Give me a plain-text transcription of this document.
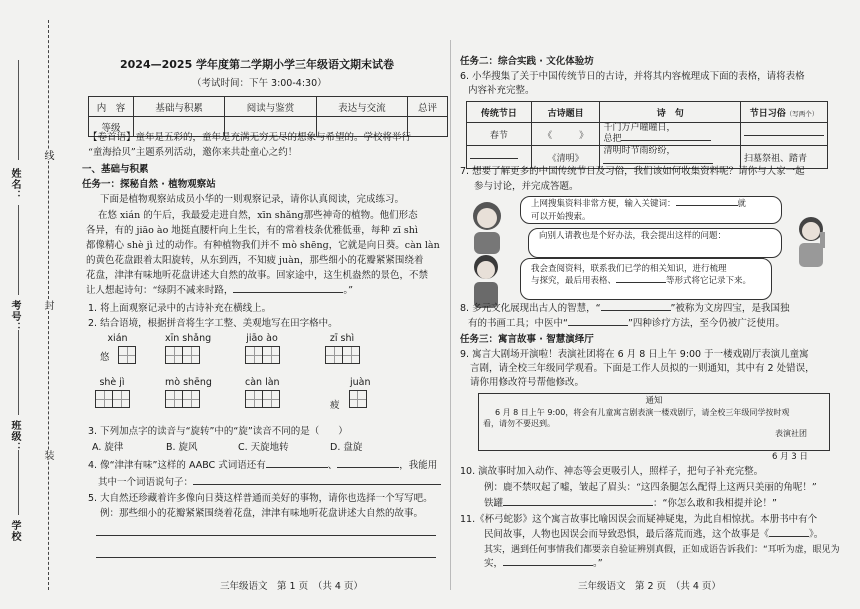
姓名：
考号：
班级：
学校
线
封
装
2024—2025 学年度第二学期小学三年级语文期末试卷
（考试时间：下午 3:00-4:30）
内　容	基础与积累	阅读与鉴赏	表达与交流	总评
等级				
【卷首语】童年是五彩的，童年是充满无穷无尽的想象与希望的。学校将举行
“童海拾贝”主题系列活动，邀你来共赴童心之约！
一、基础与积累
任务一：探秘自然 · 植物观察站
下面是植物观察站成员小华的一则观察记录，请你认真阅读，完成练习。
在悠 xián 的午后，我最爱走进自然，xīn shǎng那些神奇的植物。他们形态
各异，有的 jiāo ào 地挺直腰杆向上生长，有的常着枝条优雅低垂，每种 zī shì
都像精心 shè jì 过的动作。有种植物我们并不 mò shēng，它就是向日葵。càn làn
的黄色花盘跟着太阳旋转，从东到西，不知疲 juàn，那些细小的花瓣紧紧围绕着
花盘，津津有味地听花盘讲述大自然的故事。回家途中，这生机盎然的景色，不禁
让人想起诗句：“绿阴不减来时路，	。”
1. 将上面观察记录中的古诗补充在横线上。
2. 结合语境，根据拼音将生字工整、美观地写在田字格中。
xián
悠
xīn shǎng	jiāo ào	zī shì
shè jì	mò shēng	càn làn	juàn
疲
3. 下列加点字的读音与“旋转”中的“旋”读音不同的是（　　）
A. 旋律	B. 旋风	C. 天旋地转	D. 盘旋
4. 像“津津有味”这样的 AABC 式词语还有	、	，我能用
其中一个词语说句子：
5. 大自然还珍藏着许多像向日葵这样普通而美好的事物，请你也选择一个写写吧。
例：那些细小的花瓣紧紧围绕着花盘，津津有味地听花盘讲述大自然的故事。
三年级语文　第 1 页　（共 4 页）
任务二：综合实践 · 文化体验坊
6. 小华搜集了关于中国传统节日的古诗，并将其内容梳理成下面的表格，请将表格
内容补充完整。
传统节日	古诗题目	诗　句	节日习俗（写两个）
春节	《　　　》	千门万户曈曈日，
总把	

	《清明》	清明时节雨纷纷，	扫墓祭祖、踏青
7. 想要了解更多的中国传统节日及习俗，我们该如何收集资料呢？请你与大家一起
参与讨论，并完成答题。
上网搜集资料非常方便，输入关键词：	就
可以开始搜索。
向别人请教也是个好办法，我会提出这样的问题：
我会查阅资料，联系我们已学的相关知识，进行梳理
与探究，最后用表格、	等形式将它记录下来。
8. 多元文化展现出古人的智慧，“	”被称为文房四宝，是我国独
有的书画工具；中医中“	”四种诊疗方法，至今仍被广泛使用。
任务三：寓言故事 · 智慧演绎厅
9. 寓言大剧场开演啦！表演社团将在 6 月 8 日上午 9:00 于一楼戏剧厅表演儿童寓
言剧，请全校三年级同学观看。下面是工作人员拟的一则通知，其中有 2 处错误，
请你用修改符号帮他修改。
通知
6 月 8 日上午 9:00，将会有儿童寓言剧表演一楼戏剧厅，请全校三年级同学按时观
看，请勿不要迟到。
表演社团
6 月 3 日
10. 演故事时加入动作、神态等会更吸引人，照样子，把句子补充完整。
例：鹿不禁叹起了嘘，皱起了眉头：“这四条腿怎么配得上这两只美丽的角呢！”
铁罐	：“你怎么敢和我相提并论！”
11.《杯弓蛇影》这个寓言故事比喻因误会而疑神疑鬼，为此自相惊扰。本册书中有个
民间故事，人物也因误会而导致恐惧，最后落荒而逃，这个故事是《	》。
其实，遇到任何事情我们都要亲自验证辨别真假，正如成语告诉我们：“耳听为虚，眼见为
实，	。”
三年级语文　第 2 页　（共 4 页）
